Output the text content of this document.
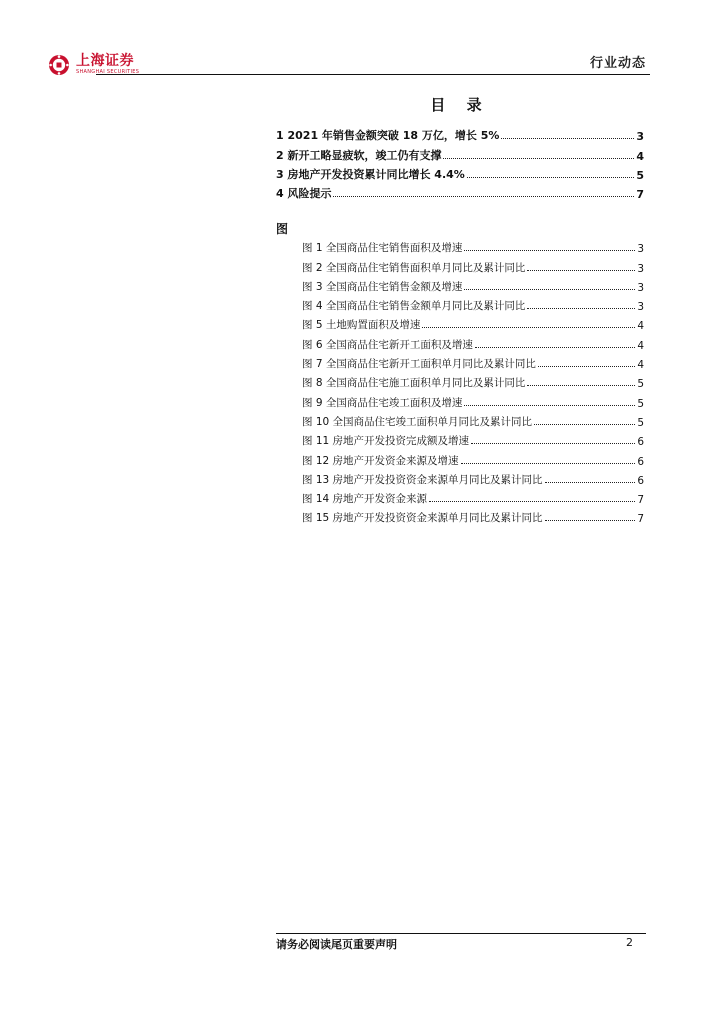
上海证券
SHANGHAI SECURITIES
行业动态
目 录
1 2021 年销售金额突破 18 万亿，增长 5%	3
2 新开工略显疲软，竣工仍有支撑	4
3 房地产开发投资累计同比增长 4.4%	5
4 风险提示	7
图
图 1 全国商品住宅销售面积及增速	3
图 2 全国商品住宅销售面积单月同比及累计同比	3
图 3 全国商品住宅销售金额及增速	3
图 4 全国商品住宅销售金额单月同比及累计同比	3
图 5 土地购置面积及增速	4
图 6 全国商品住宅新开工面积及增速	4
图 7 全国商品住宅新开工面积单月同比及累计同比	4
图 8 全国商品住宅施工面积单月同比及累计同比	5
图 9 全国商品住宅竣工面积及增速	5
图 10 全国商品住宅竣工面积单月同比及累计同比	5
图 11 房地产开发投资完成额及增速	6
图 12 房地产开发资金来源及增速	6
图 13 房地产开发投资资金来源单月同比及累计同比	6
图 14 房地产开发资金来源	7
图 15 房地产开发投资资金来源单月同比及累计同比	7
请务必阅读尾页重要声明	2
